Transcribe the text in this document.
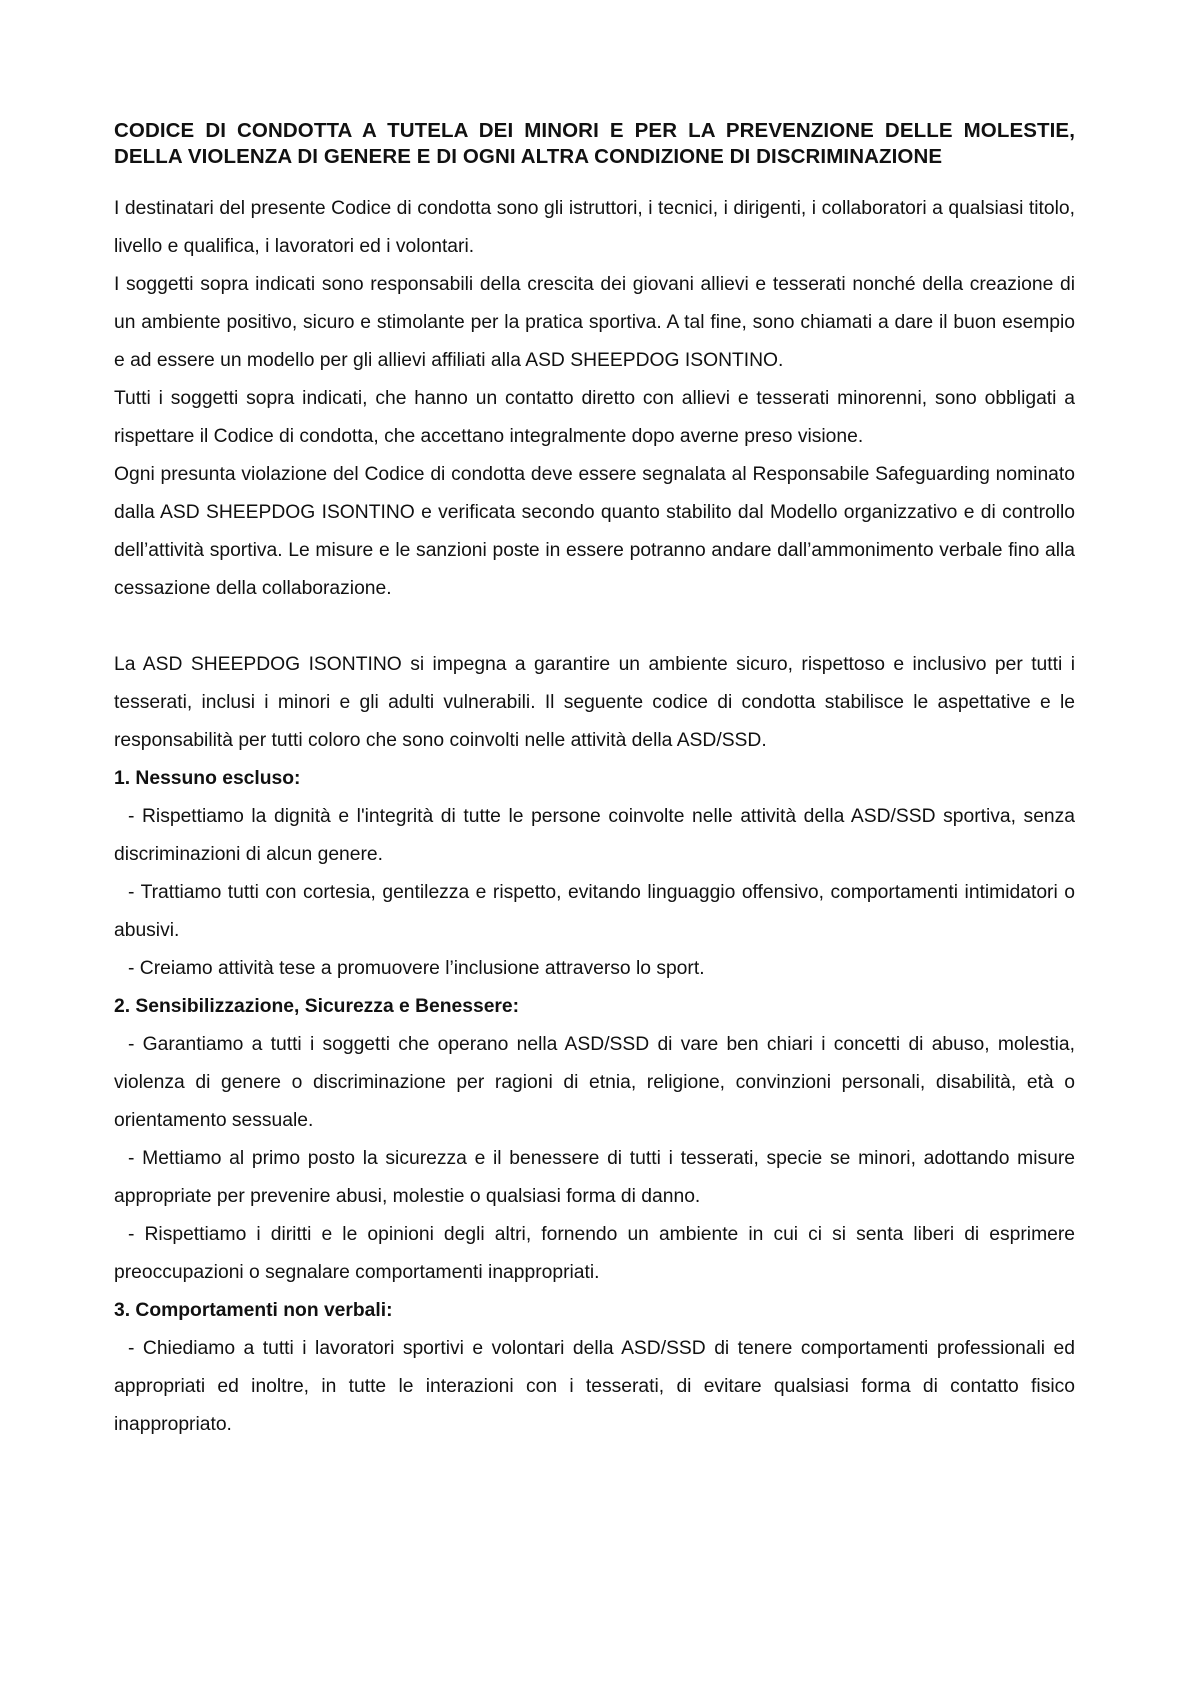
CODICE DI CONDOTTA A TUTELA DEI MINORI E PER LA PREVENZIONE DELLE MOLESTIE, DELLA VIOLENZA DI GENERE E DI OGNI ALTRA CONDIZIONE DI DISCRIMINAZIONE

I destinatari del presente Codice di condotta sono gli istruttori, i tecnici, i dirigenti, i collaboratori a qualsiasi titolo, livello e qualifica, i lavoratori ed i volontari.

I soggetti sopra indicati sono responsabili della crescita dei giovani allievi e tesserati nonché della creazione di un ambiente positivo, sicuro e stimolante per la pratica sportiva. A tal fine, sono chiamati a dare il buon esempio e ad essere un modello per gli allievi affiliati alla ASD SHEEPDOG ISONTINO.

Tutti i soggetti sopra indicati, che hanno un contatto diretto con allievi e tesserati minorenni, sono obbligati a rispettare il Codice di condotta, che accettano integralmente dopo averne preso visione.

Ogni presunta violazione del Codice di condotta deve essere segnalata al Responsabile Safeguarding nominato dalla ASD SHEEPDOG ISONTINO e verificata secondo quanto stabilito dal Modello organizzativo e di controllo dell’attività sportiva. Le misure e le sanzioni poste in essere potranno andare dall’ammonimento verbale fino alla cessazione della collaborazione.

La ASD SHEEPDOG ISONTINO si impegna a garantire un ambiente sicuro, rispettoso e inclusivo per tutti i tesserati, inclusi i minori e gli adulti vulnerabili. Il seguente codice di condotta stabilisce le aspettative e le responsabilità per tutti coloro che sono coinvolti nelle attività della ASD/SSD.

1. Nessuno escluso:

- Rispettiamo la dignità e l'integrità di tutte le persone coinvolte nelle attività della ASD/SSD sportiva, senza discriminazioni di alcun genere.

- Trattiamo tutti con cortesia, gentilezza e rispetto, evitando linguaggio offensivo, comportamenti intimidatori o abusivi.

- Creiamo attività tese a promuovere l’inclusione attraverso lo sport.

2. Sensibilizzazione, Sicurezza e Benessere:

- Garantiamo a tutti i soggetti che operano nella ASD/SSD di vare ben chiari i concetti di abuso, molestia, violenza di genere o discriminazione per ragioni di etnia, religione, convinzioni personali, disabilità, età o orientamento sessuale.

- Mettiamo al primo posto la sicurezza e il benessere di tutti i tesserati, specie se minori, adottando misure appropriate per prevenire abusi, molestie o qualsiasi forma di danno.

- Rispettiamo i diritti e le opinioni degli altri, fornendo un ambiente in cui ci si senta liberi di esprimere preoccupazioni o segnalare comportamenti inappropriati.

3. Comportamenti non verbali:

- Chiediamo a tutti i lavoratori sportivi e volontari della ASD/SSD di tenere comportamenti professionali ed appropriati ed inoltre, in tutte le interazioni con i tesserati, di evitare qualsiasi forma di contatto fisico inappropriato.
